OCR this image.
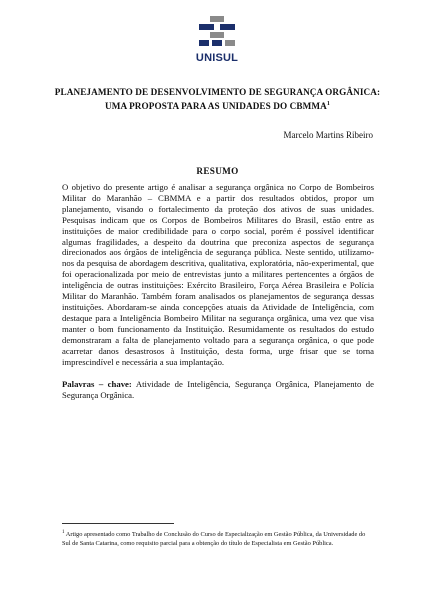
UNISUL
PLANEJAMENTO DE DESENVOLVIMENTO DE SEGURANÇA ORGÂNICA:
UMA PROPOSTA PARA AS UNIDADES DO CBMMA$^1$
Marcelo Martins Ribeiro
RESUMO

O objetivo do presente artigo é analisar a segurança orgânica no Corpo de Bombeiros Militar do Maranhão – CBMMA e a partir dos resultados obtidos, propor um planejamento, visando o fortalecimento da proteção dos ativos de suas unidades. Pesquisas indicam que os Corpos de Bombeiros Militares do Brasil, estão entre as instituições de maior credibilidade para o corpo social, porém é possível identificar algumas fragilidades, a despeito da doutrina que preconiza aspectos de segurança direcionados aos órgãos de inteligência de segurança pública. Neste sentido, utilizamo-nos da pesquisa de abordagem descritiva, qualitativa, exploratória, não-experimental, que foi operacionalizada por meio de entrevistas junto a militares pertencentes a órgãos de inteligência de outras instituições: Exército Brasileiro, Força Aérea Brasileira e Polícia Militar do Maranhão. Também foram analisados os planejamentos de segurança dessas instituições. Abordaram-se ainda concepções atuais da Atividade de Inteligência, com destaque para a Inteligência Bombeiro Militar na segurança orgânica, uma vez que visa manter o bom funcionamento da Instituição. Resumidamente os resultados do estudo demonstraram a falta de planejamento voltado para a segurança orgânica, o que pode acarretar danos desastrosos à Instituição, desta forma, urge frisar que se torna imprescindível e necessária a sua implantação.

Palavras – chave: Atividade de Inteligência, Segurança Orgânica, Planejamento de Segurança Orgânica.

$^1$ Artigo apresentado como Trabalho de Conclusão do Curso de Especialização em Gestão Pública, da Universidade do Sul de Santa Catarina, como requisito parcial para a obtenção do título de Especialista em Gestão Pública.
